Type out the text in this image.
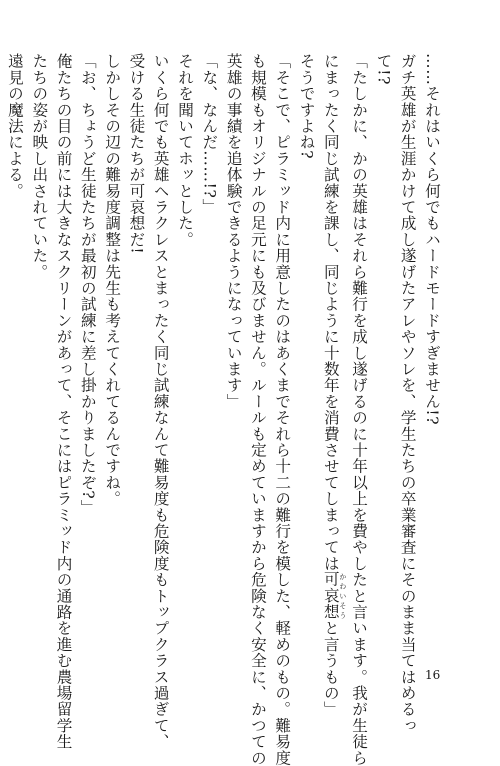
……それはいくら何でもハードモードすぎません!?
ガチ英雄が生涯かけて成し遂げたアレやソレを、学生たちの卒業審査にそのまま当てはめるっ
て!?
「たしかに、かの英雄はそれら難行を成し遂げるのに十年以上を費やしたと言います。我が生徒ら
にまったく同じ試練を課し、同じように十数年を消費させてしまっては可哀想 かわいそうと言うもの」
そうですよね?
「そこで、ピラミッド内に用意したのはあくまでそれら十二の難行を模した、軽めのもの。難易度
も規模もオリジナルの足元にも及びません。ルールも定めていますから危険なく安全に、かつての
英雄の事績を追体験できるようになっています」
「な、なんだ……!?」
それを聞いてホッとした。
いくら何でも英雄ヘラクレスとまったく同じ試練なんて難易度も危険度もトップクラス過ぎて、
受ける生徒たちが可哀想だ!
しかしその辺の難易度調整は先生も考えてくれてるんですね。
「お、ちょうど生徒たちが最初の試練に差し掛かりましたぞ?」
俺たちの目の前には大きなスクリーンがあって、そこにはピラミッド内の通路を進む農場留学生
たちの姿が映し出されていた。
遠見の魔法による。
16
